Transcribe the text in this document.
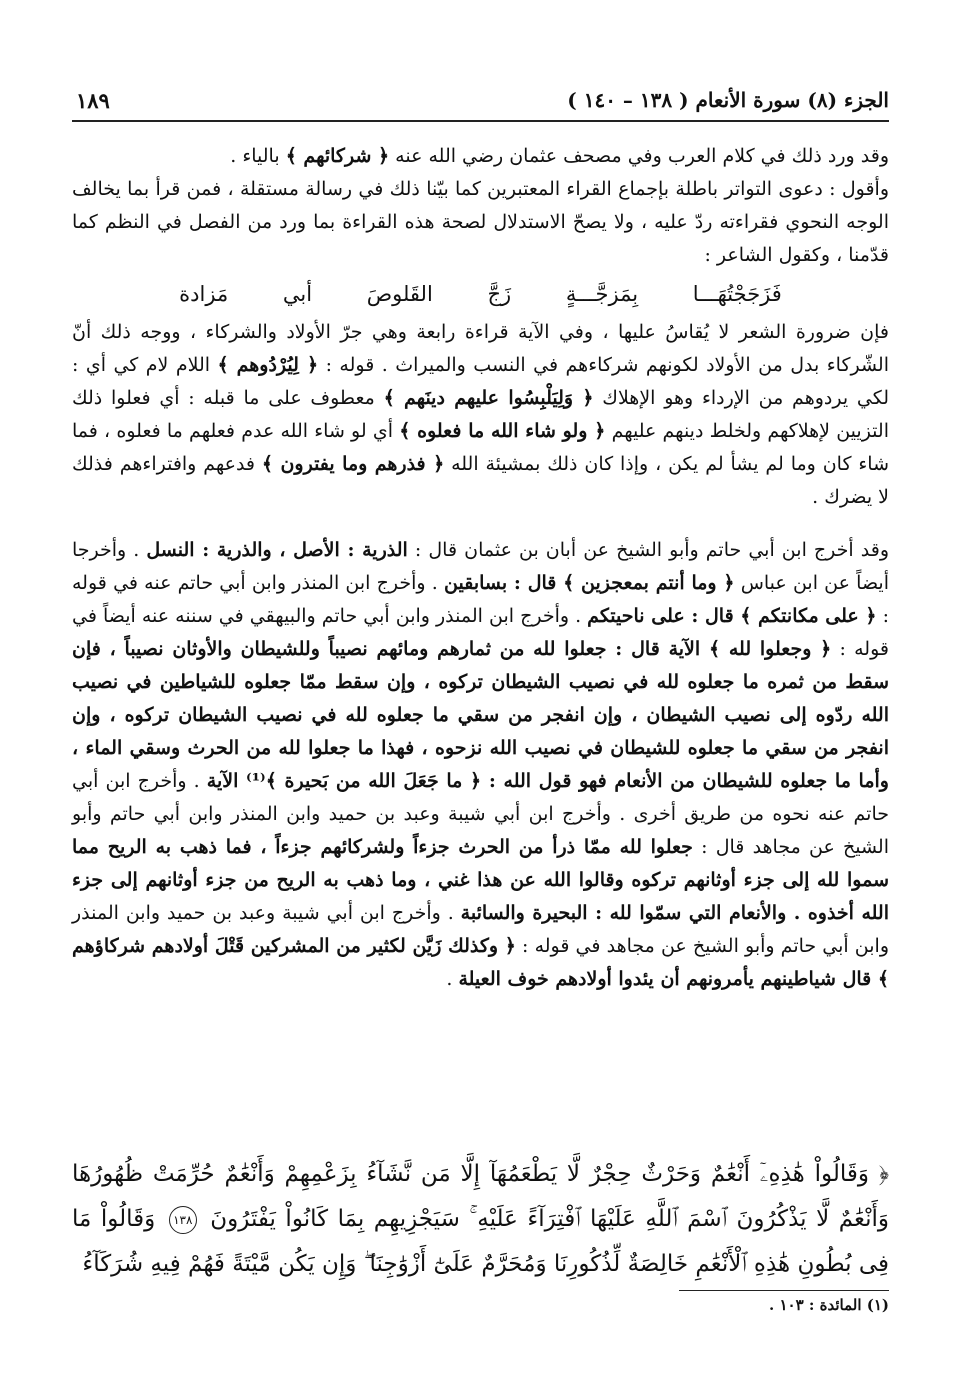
الجزء (٨) سورة الأنعام ( ١٣٨ – ١٤٠ )
١٨٩

وقد ورد ذلك في كلام العرب وفي مصحف عثمان رضي الله عنه ﴿ شركائهم ﴾ بالياء .

وأقول : دعوى التواتر باطلة بإجماع القراء المعتبرين كما بيّنا ذلك في رسالة مستقلة ، فمن قرأ بما يخالف الوجه النحوي فقراءته ردّ عليه ، ولا يصحّ الاستدلال لصحة هذه القراءة بما ورد من الفصل في النظم كما قدّمنا ، وكقول الشاعر :

فَزَجَجْتُهَـــا بِمَزجَّـــةٍ زَجَّ القَلوصَ أبي مَزادة

فإن ضرورة الشعر لا يُقاسُ عليها ، وفي الآية قراءة رابعة وهي جرّ الأولاد والشركاء ، ووجه ذلك أنّ الشّركاء بدل من الأولاد لكونهم شركاءهم في النسب والميراث . قوله : ﴿ لِيُرْدُوهم ﴾ اللام لام كي أي : لكي يردوهم من الإرداء وهو الإهلاك ﴿ وَلِيَلْبِسُوا عليهم دينَهم ﴾ معطوف على ما قبله : أي فعلوا ذلك التزيين لإهلاكهم ولخلط دينهم عليهم ﴿ ولو شاء الله ما فعلوه ﴾ أي لو شاء الله عدم فعلهم ما فعلوه ، فما شاء كان وما لم يشأ لم يكن ، وإذا كان ذلك بمشيئة الله ﴿ فذرهم وما يفترون ﴾ فدعهم وافتراءهم فذلك لا يضرك .

وقد أخرج ابن أبي حاتم وأبو الشيخ عن أبان بن عثمان قال : الذرية : الأصل ، والذرية : النسل . وأخرجا أيضاً عن ابن عباس ﴿ وما أنتم بمعجزين ﴾ قال : بسابقين . وأخرج ابن المنذر وابن أبي حاتم عنه في قوله : ﴿ على مكانتكم ﴾ قال : على ناحيتكم . وأخرج ابن المنذر وابن أبي حاتم والبيهقي في سننه عنه أيضاً في قوله : ﴿ وجعلوا لله ﴾ الآية قال : جعلوا لله من ثمارهم ومائهم نصيباً وللشيطان والأوثان نصيباً ، فإن سقط من ثمره ما جعلوه لله في نصيب الشيطان تركوه ، وإن سقط ممّا جعلوه للشياطين في نصيب الله ردّوه إلى نصيب الشيطان ، وإن انفجر من سقي ما جعلوه لله في نصيب الشيطان تركوه ، وإن انفجر من سقي ما جعلوه للشيطان في نصيب الله نزحوه ، فهذا ما جعلوا لله من الحرث وسقي الماء ، وأما ما جعلوه للشيطان من الأنعام فهو قول الله : ﴿ ما جَعَلَ الله من بَحيرة ﴾⁽¹⁾ الآية . وأخرج ابن أبي حاتم عنه نحوه من طريق أخرى . وأخرج ابن أبي شيبة وعبد بن حميد وابن المنذر وابن أبي حاتم وأبو الشيخ عن مجاهد قال : جعلوا لله ممّا ذرأ من الحرث جزءاً ولشركائهم جزءاً ، فما ذهب به الريح مما سموا لله إلى جزء أوثانهم تركوه وقالوا الله عن هذا غني ، وما ذهب به الريح من جزء أوثانهم إلى جزء الله أخذوه . والأنعام التي سمّوا لله : البحيرة والسائبة . وأخرج ابن أبي شيبة وعبد بن حميد وابن المنذر وابن أبي حاتم وأبو الشيخ عن مجاهد في قوله : ﴿ وكذلك زَيَّن لكثير من المشركين قَتْلَ أولادهم شركاؤهم ﴾ قال شياطينهم يأمرونهم أن يئدوا أولادهم خوف العيلة .

﴿ وَقَالُواْ هَٰذِهِۦٓ أَنْعَٰمٌ وَحَرْثٌ حِجْرٌ لَّا يَطْعَمُهَآ إِلَّا مَن نَّشَآءُ بِزَعْمِهِمْ وَأَنْعَٰمٌ حُرِّمَتْ ظُهُورُهَا وَأَنْعَٰمٌ لَّا يَذْكُرُونَ ٱسْمَ ٱللَّهِ عَلَيْهَا ٱفْتِرَآءً عَلَيْهِ ۚ سَيَجْزِيهِم بِمَا كَانُواْ يَفْتَرُونَ ١٣٨ وَقَالُواْ مَا فِى بُطُونِ هَٰذِهِ ٱلْأَنْعَٰمِ خَالِصَةٌ لِّذُكُورِنَا وَمُحَرَّمٌ عَلَىٰٓ أَزْوَٰجِنَا ۖ وَإِن يَكُن مَّيْتَةً فَهُمْ فِيهِ شُرَكَآءُ
(١) المائدة : ١٠٣ .
